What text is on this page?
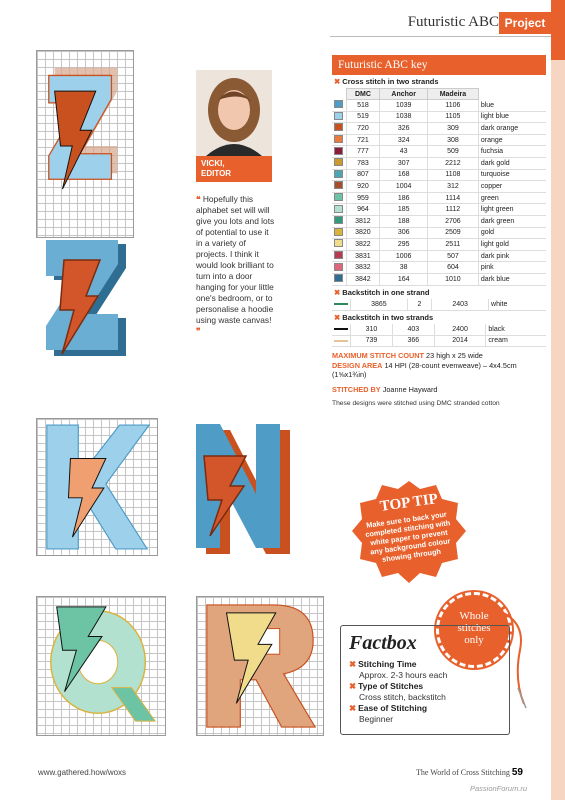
Futuristic ABC Project
VICKI,
EDITOR
❝ Hopefully this alphabet set will will give you lots and lots of potential to use it in a variety of projects. I think it would look brilliant to turn into a door hanging for your little one's bedroom, or to personalise a hoodie using waste canvas! ❞
Futuristic ABC key
✖ Cross stitch in two strands
	DMC	Anchor	Madeira	
	518	1039	1106	blue
	519	1038	1105	light blue
	720	326	309	dark orange
	721	324	308	orange
	777	43	509	fuchsia
	783	307	2212	dark gold
	807	168	1108	turquoise
	920	1004	312	copper
	959	186	1114	green
	964	185	1112	light green
	3812	188	2706	dark green
	3820	306	2509	gold
	3822	295	2511	light gold
	3831	1006	507	dark pink
	3832	38	604	pink
	3842	164	1010	dark blue
✖ Backstitch in one strand
	3865	2	2403	white
✖ Backstitch in two strands
	310	403	2400	black
	739	366	2014	cream
MAXIMUM STITCH COUNT 23 high x 25 wide
DESIGN AREA 14 HPI (28-count evenweave) – 4x4.5cm (1⅝x1¾in)
STITCHED BY Joanne Hayward
These designs were stitched using DMC stranded cotton
TOP TIP
Make sure to back your completed stitching with white paper to prevent any background colour showing through
Whole
stitches
only
Factbox
✖ Stitching Time
Approx. 2-3 hours each
✖ Type of Stitches
Cross stitch, backstitch
✖ Ease of Stitching
Beginner
www.gathered.how/woxs	The World of Cross Stitching 59
PassionForum.ru
